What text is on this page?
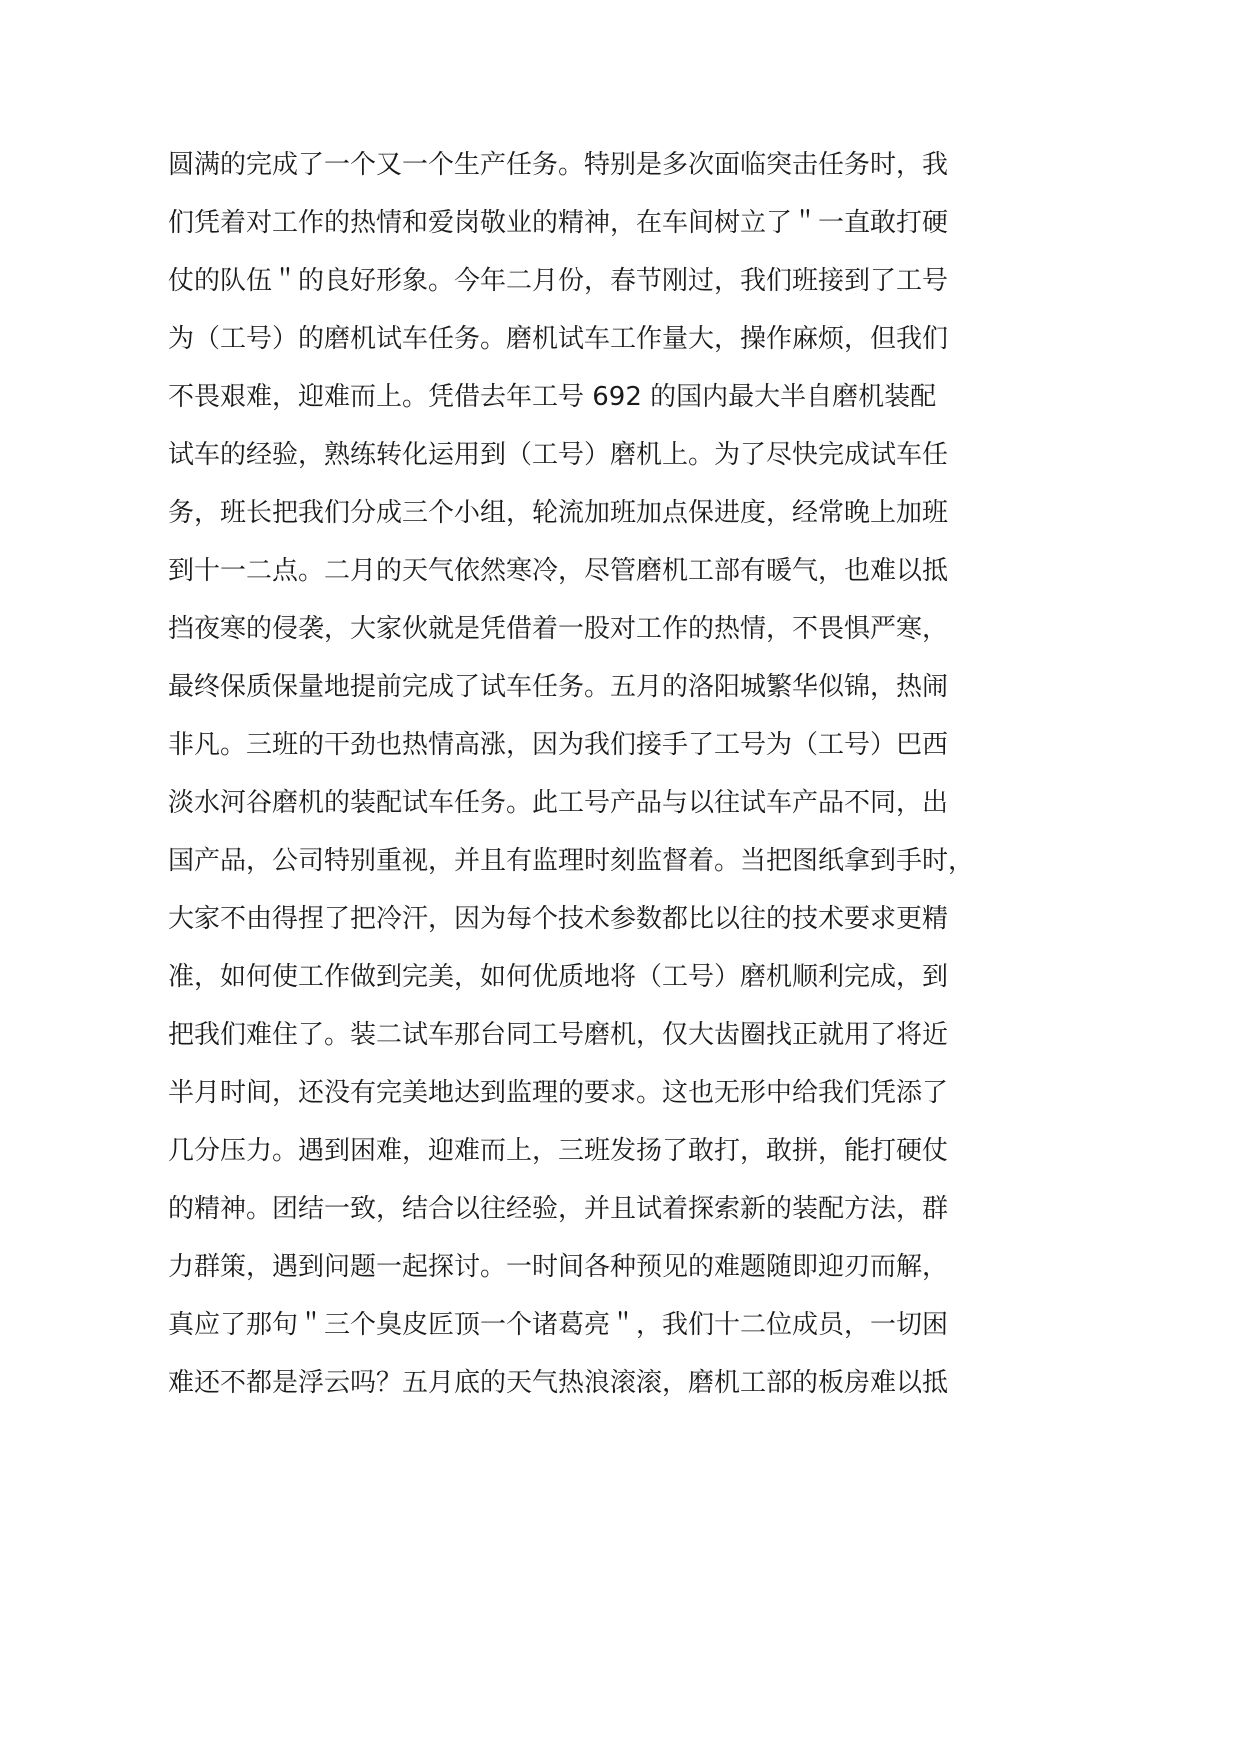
圆满的完成了一个又一个生产任务。特别是多次面临突击任务时，我
们凭着对工作的热情和爱岗敬业的精神，在车间树立了＂一直敢打硬
仗的队伍＂的良好形象。今年二月份，春节刚过，我们班接到了工号
为（工号）的磨机试车任务。磨机试车工作量大，操作麻烦，但我们
不畏艰难，迎难而上。凭借去年工号 692 的国内最大半自磨机装配
试车的经验，熟练转化运用到（工号）磨机上。为了尽快完成试车任
务，班长把我们分成三个小组，轮流加班加点保进度，经常晚上加班
到十一二点。二月的天气依然寒冷，尽管磨机工部有暖气，也难以抵
挡夜寒的侵袭，大家伙就是凭借着一股对工作的热情，不畏惧严寒，
最终保质保量地提前完成了试车任务。五月的洛阳城繁华似锦，热闹
非凡。三班的干劲也热情高涨，因为我们接手了工号为（工号）巴西
淡水河谷磨机的装配试车任务。此工号产品与以往试车产品不同，出
国产品，公司特别重视，并且有监理时刻监督着。当把图纸拿到手时，
大家不由得捏了把冷汗，因为每个技术参数都比以往的技术要求更精
准，如何使工作做到完美，如何优质地将（工号）磨机顺利完成，到
把我们难住了。装二试车那台同工号磨机，仅大齿圈找正就用了将近
半月时间，还没有完美地达到监理的要求。这也无形中给我们凭添了
几分压力。遇到困难，迎难而上，三班发扬了敢打，敢拼，能打硬仗
的精神。团结一致，结合以往经验，并且试着探索新的装配方法，群
力群策，遇到问题一起探讨。一时间各种预见的难题随即迎刃而解，
真应了那句＂三个臭皮匠顶一个诸葛亮＂，我们十二位成员，一切困
难还不都是浮云吗？五月底的天气热浪滚滚，磨机工部的板房难以抵
